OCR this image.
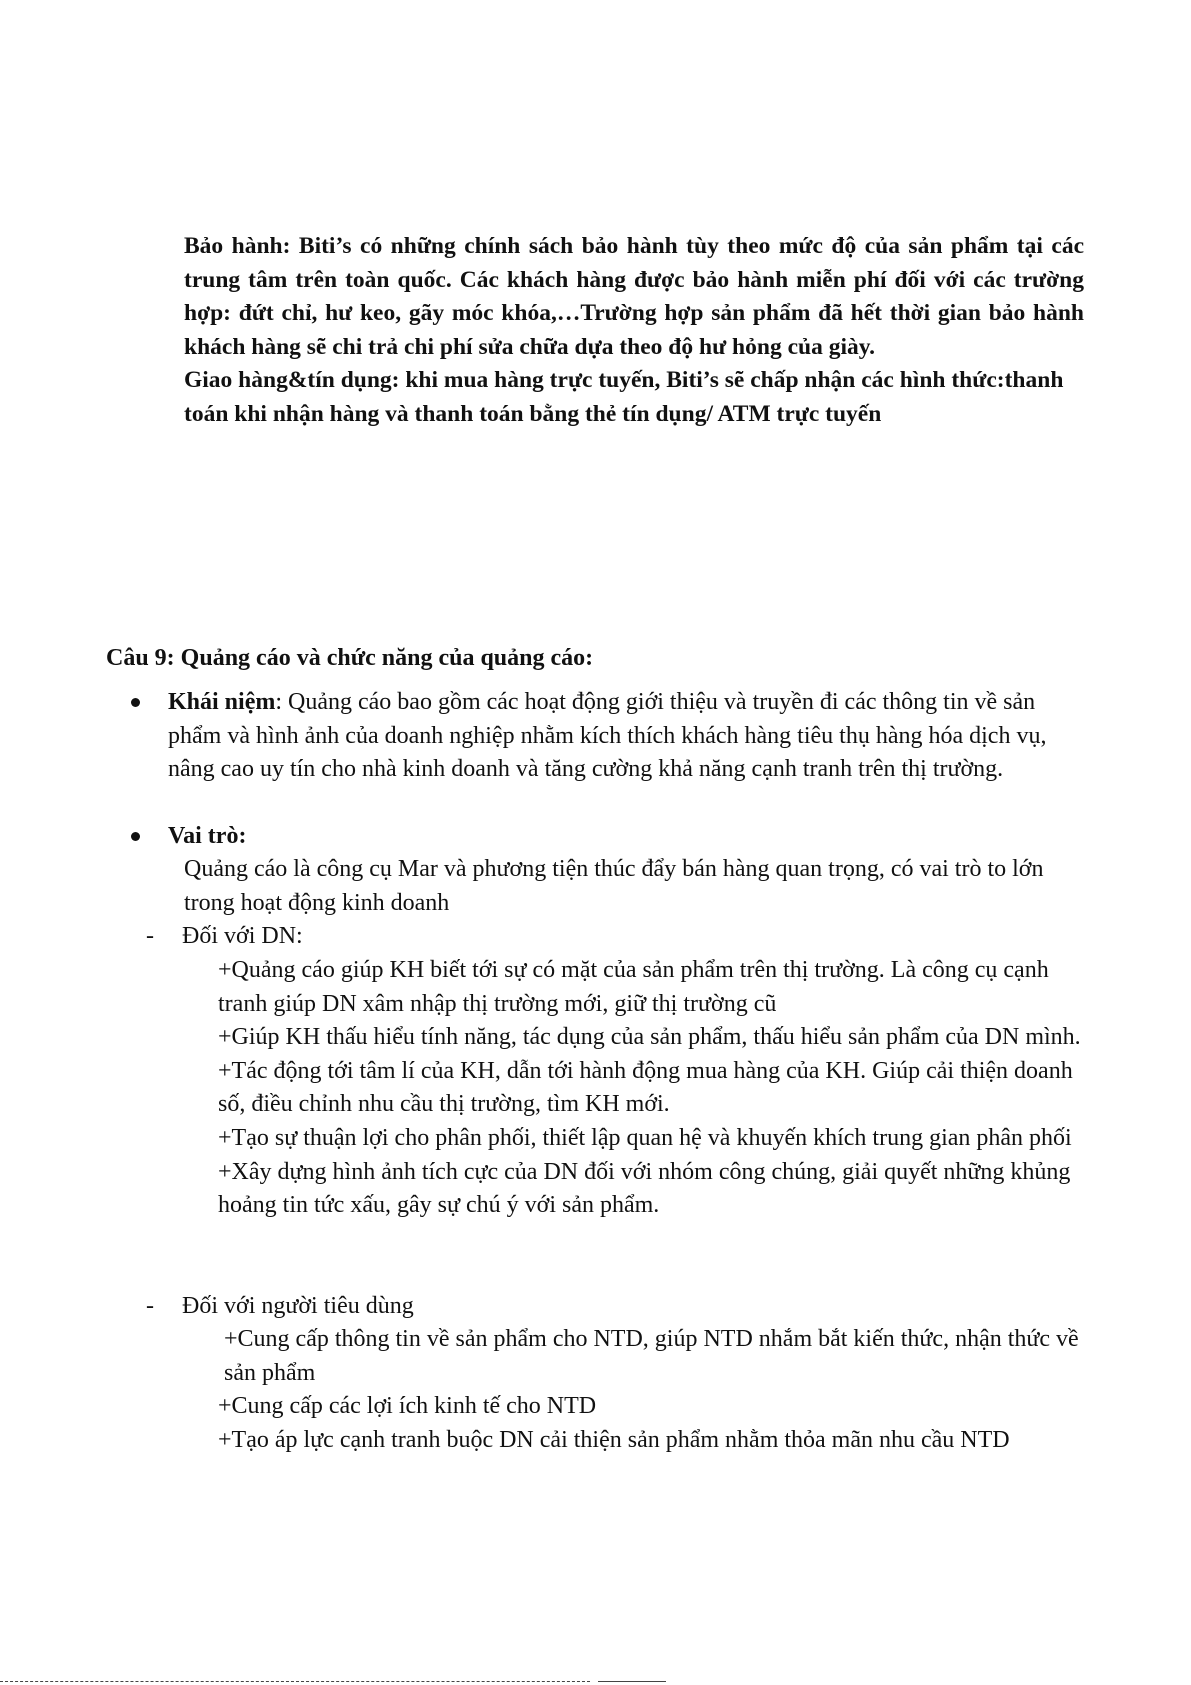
Bảo hành: Biti’s có những chính sách bảo hành tùy theo mức độ của sản phẩm tại các trung tâm trên toàn quốc. Các khách hàng được bảo hành miễn phí đối với các trường hợp: đứt chỉ, hư keo, gãy móc khóa,…Trường hợp sản phẩm đã hết thời gian bảo hành khách hàng sẽ chi trả chi phí sửa chữa dựa theo độ hư hỏng của giày.

Giao hàng&tín dụng: khi mua hàng trực tuyến, Biti’s sẽ chấp nhận các hình thức:thanh toán khi nhận hàng và thanh toán bằng thẻ tín dụng/ ATM trực tuyến

Câu 9: Quảng cáo và chức năng của quảng cáo:

Khái niệm: Quảng cáo bao gồm các hoạt động giới thiệu và truyền đi các thông tin về sản phẩm và hình ảnh của doanh nghiệp nhằm kích thích khách hàng tiêu thụ hàng hóa dịch vụ, nâng cao uy tín cho nhà kinh doanh và tăng cường khả năng cạnh tranh trên thị trường.

Vai trò:

Quảng cáo là công cụ Mar và phương tiện thúc đẩy bán hàng quan trọng, có vai trò to lớn trong hoạt động kinh doanh

- Đối với DN:

+Quảng cáo giúp KH biết tới sự có mặt của sản phẩm trên thị trường. Là công cụ cạnh tranh giúp DN xâm nhập thị trường mới, giữ thị trường cũ

+Giúp KH thấu hiểu tính năng, tác dụng của sản phẩm, thấu hiểu sản phẩm của DN mình.

+Tác động tới tâm lí của KH, dẫn tới hành động mua hàng của KH. Giúp cải thiện doanh số, điều chỉnh nhu cầu thị trường, tìm KH mới.

+Tạo sự thuận lợi cho phân phối, thiết lập quan hệ và khuyến khích trung gian phân phối

+Xây dựng hình ảnh tích cực của DN đối với nhóm công chúng, giải quyết những khủng hoảng tin tức xấu, gây sự chú ý với sản phẩm.

- Đối với người tiêu dùng

+Cung cấp thông tin về sản phẩm cho NTD, giúp NTD nhắm bắt kiến thức, nhận thức về sản phẩm

+Cung cấp các lợi ích kinh tế cho NTD

+Tạo áp lực cạnh tranh buộc DN cải thiện sản phẩm nhằm thỏa mãn nhu cầu NTD
